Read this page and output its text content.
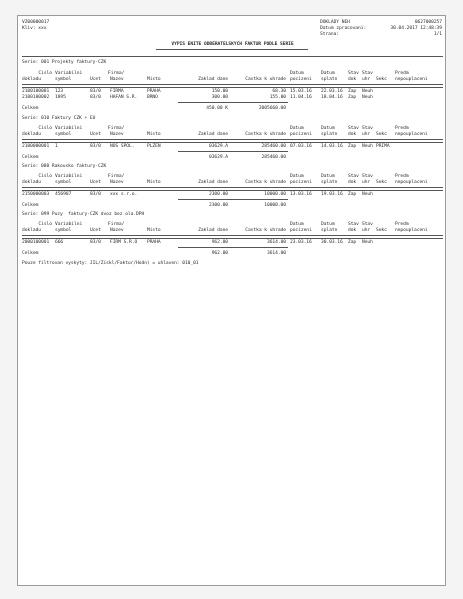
VZ00000017
Kliv: xxx
DOKLADY NEH	0627000257
Datum zpracovani:	30.04.2017 12:48:39
Strana:	1/1
VYPIS ENITE ODBERATELSKYCH FAKTUR PODLE SERIE
Serie: 001 Projekty faktury-CZK
Cislo Variabilni	Firma/	Datum	Datum	Stav Stav	Predm
dokladu	symbol	Ucet Nazev	Misto	Zaklad dane	Castka k uhrade pocizeni splatn dok uhr Sekc nepouplaceni
2100100001 123	83/0 FIRMA	PRAHA	150.00	68.30 15.03.16 22.03.16 Zap Neuh
2100100002 1895	83/0 HAFAN S.R. BRNO	300.00	155.00 11.04.16 18.04.16 Zap Neuh
Celkem	450.00 K	2005660.00
Serie: 010 Faktury CZK + EU
Cislo Variabilni	Firma/	Datum	Datum	Stav Stav	Predm
dokladu	symbol	Ucet Nazev	Misto	Zaklad dane	Castka k uhrade pocizeni splatn dok uhr Sekc nepouplaceni
2100000001 1	83/0 NOS SPOL.	PLZEN	03629.A	285460.00 07.03.16 14.03.16 Zap Neuh PRIMA
Celkem	03629.A	285460.00
Serie: 080 Rakousko faktury-CZK
Cislo Variabilni	Firma/	Datum	Datum	Stav Stav	Predm
dokladu	symbol	Ucet Nazev	Misto	Zaklad dane	Castka k uhrade pocizeni splatn dok uhr Sekc nepouplaceni
2150000003 456987	83/0 xxx s.r.o.	2300.00	10000.00 13.03.16 19.03.16 Zap Neuh
Celkem	2300.00	10000.00
Serie: 099 Puzy  faktury-CZK dvoz bez ola.DPH
Cislo Variabilni	Firma/	Datum	Datum	Stav Stav	Predm
dokladu	symbol	Ucet Nazev	Misto	Zaklad dane	Castka k uhrade pocizeni splatn dok uhr Sekc nepouplaceni
2000100001 666	83/0 FIRM S.R.O PRAHA	962.00	3614.00 23.03.16 30.03.16 Zap Neuh
Celkem	962.00	3614.00
Pouze filtrovan vyskyty: JIL/Ziskl/Faktur/Hodn) = uhlaven: 010_01
